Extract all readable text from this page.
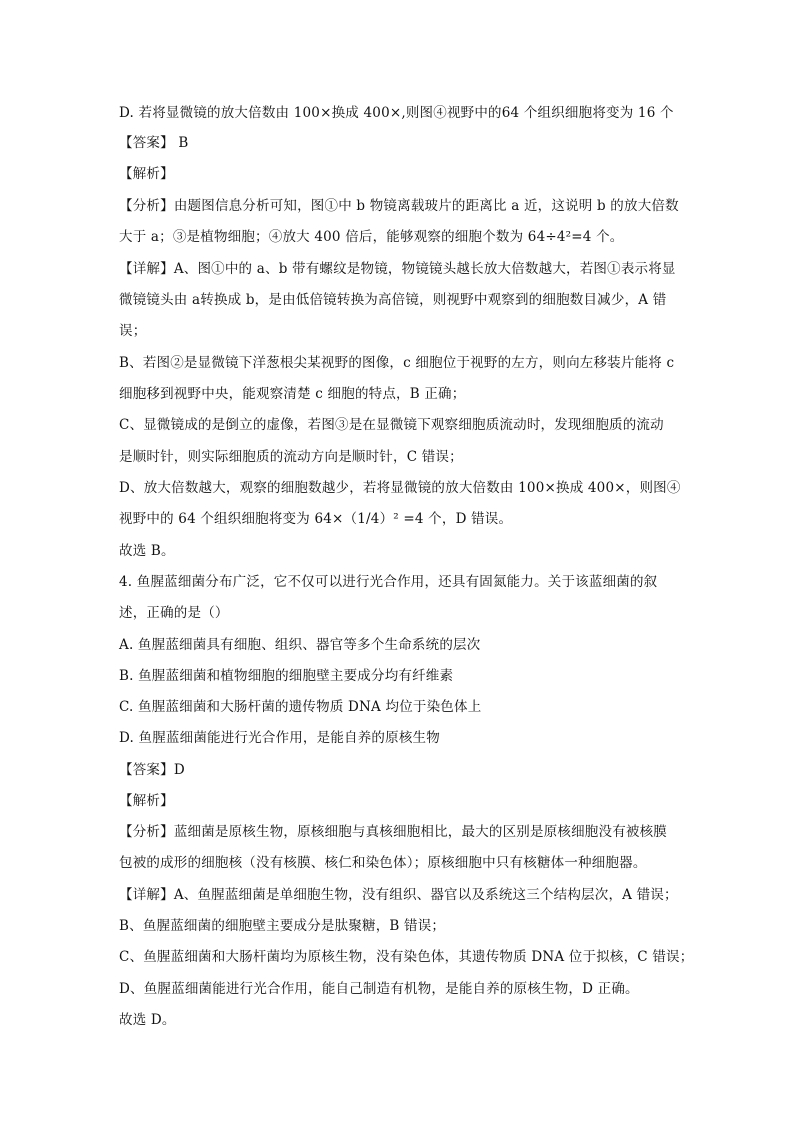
D. 若将显微镜的放大倍数由 100×换成 400×,则图④视野中的64 个组织细胞将变为 16 个
【答案】 B
【解析】
【分析】由题图信息分析可知，图①中 b 物镜离载玻片的距离比 a 近，这说明 b 的放大倍数
大于 a；③是植物细胞；④放大 400 倍后，能够观察的细胞个数为 64÷4²=4 个。
【详解】A、图①中的 a、b 带有螺纹是物镜，物镜镜头越长放大倍数越大，若图①表示将显
微镜镜头由 a转换成 b，是由低倍镜转换为高倍镜，则视野中观察到的细胞数目减少，A 错
误；
B、若图②是显微镜下洋葱根尖某视野的图像，c 细胞位于视野的左方，则向左移装片能将 c
细胞移到视野中央，能观察清楚 c 细胞的特点，B 正确；
C、显微镜成的是倒立的虚像，若图③是在显微镜下观察细胞质流动时，发现细胞质的流动
是顺时针，则实际细胞质的流动方向是顺时针，C 错误；
D、放大倍数越大，观察的细胞数越少，若将显微镜的放大倍数由 100×换成 400×，则图④
视野中的 64 个组织细胞将变为 64×（1/4）² =4 个，D 错误。
故选 B。
4. 鱼腥蓝细菌分布广泛，它不仅可以进行光合作用，还具有固氮能力。关于该蓝细菌的叙
述，正确的是（）
A. 鱼腥蓝细菌具有细胞、组织、器官等多个生命系统的层次
B. 鱼腥蓝细菌和植物细胞的细胞壁主要成分均有纤维素
C. 鱼腥蓝细菌和大肠杆菌的遗传物质 DNA 均位于染色体上
D. 鱼腥蓝细菌能进行光合作用，是能自养的原核生物
【答案】D
【解析】
【分析】蓝细菌是原核生物，原核细胞与真核细胞相比，最大的区别是原核细胞没有被核膜
包被的成形的细胞核（没有核膜、核仁和染色体）；原核细胞中只有核糖体一种细胞器。
【详解】A、鱼腥蓝细菌是单细胞生物，没有组织、器官以及系统这三个结构层次，A 错误；
B、鱼腥蓝细菌的细胞壁主要成分是肽聚糖，B 错误；
C、鱼腥蓝细菌和大肠杆菌均为原核生物，没有染色体，其遗传物质 DNA 位于拟核，C 错误；
D、鱼腥蓝细菌能进行光合作用，能自己制造有机物，是能自养的原核生物，D 正确。
故选 D。
